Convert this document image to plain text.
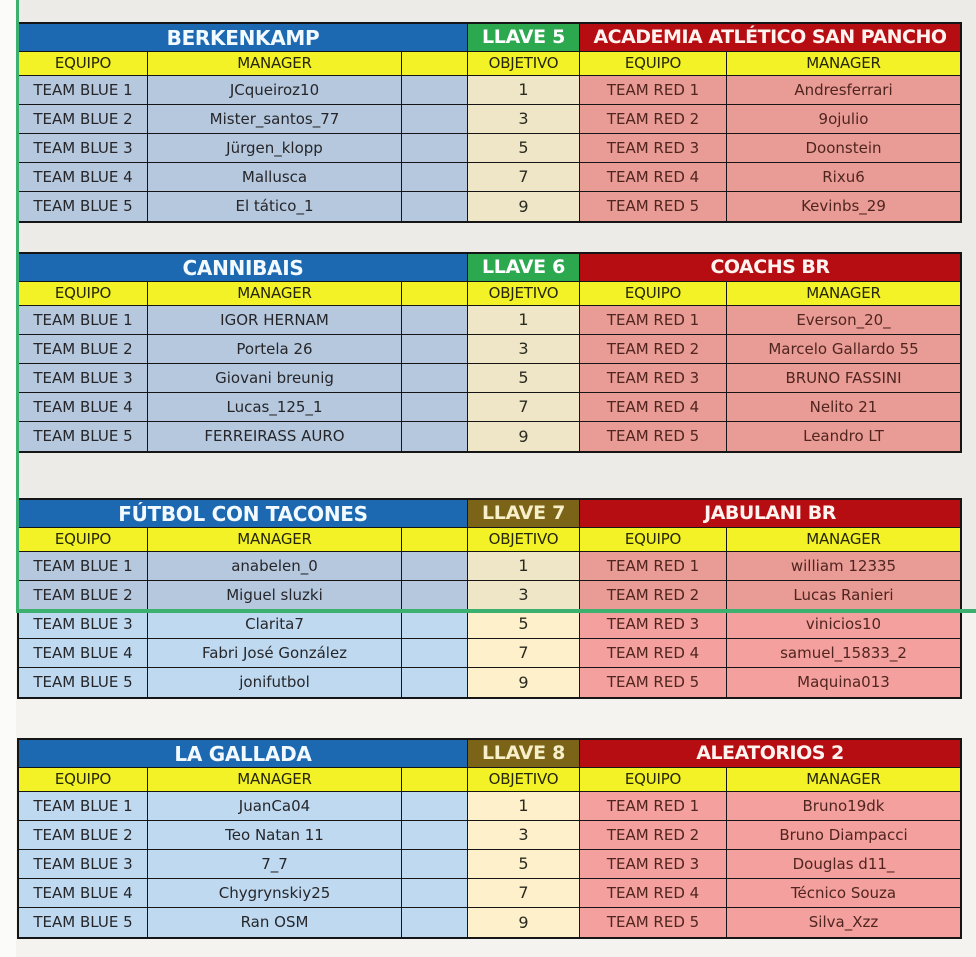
BERKENKAMP	LLAVE 5	ACADEMIA ATLÉTICO SAN PANCHO
EQUIPO	MANAGER	OBJETIVO	EQUIPO	MANAGER
TEAM BLUE 1	JCqueiroz10	1	TEAM RED 1	Andresferrari
TEAM BLUE 2	Mister_santos_77	3	TEAM RED 2	9ojulio
TEAM BLUE 3	Jürgen_klopp	5	TEAM RED 3	Doonstein
TEAM BLUE 4	Mallusca	7	TEAM RED 4	Rixu6
TEAM BLUE 5	El tático_1	9	TEAM RED 5	Kevinbs_29
CANNIBAIS	LLAVE 6	COACHS BR
EQUIPO	MANAGER	OBJETIVO	EQUIPO	MANAGER
TEAM BLUE 1	IGOR HERNAM	1	TEAM RED 1	Everson_20_
TEAM BLUE 2	Portela 26	3	TEAM RED 2	Marcelo Gallardo 55
TEAM BLUE 3	Giovani breunig	5	TEAM RED 3	BRUNO FASSINI
TEAM BLUE 4	Lucas_125_1	7	TEAM RED 4	Nelito 21
TEAM BLUE 5	FERREIRASS AURO	9	TEAM RED 5	Leandro LT
FÚTBOL CON TACONES	LLAVE 7	JABULANI BR
EQUIPO	MANAGER	OBJETIVO	EQUIPO	MANAGER
TEAM BLUE 1	anabelen_0	1	TEAM RED 1	william 12335
TEAM BLUE 2	Miguel sluzki	3	TEAM RED 2	Lucas Ranieri
TEAM BLUE 3	Clarita7	5	TEAM RED 3	vinicios10
TEAM BLUE 4	Fabri José González	7	TEAM RED 4	samuel_15833_2
TEAM BLUE 5	jonifutbol	9	TEAM RED 5	Maquina013
LA GALLADA	LLAVE 8	ALEATORIOS 2
EQUIPO	MANAGER	OBJETIVO	EQUIPO	MANAGER
TEAM BLUE 1	JuanCa04	1	TEAM RED 1	Bruno19dk
TEAM BLUE 2	Teo Natan 11	3	TEAM RED 2	Bruno Diampacci
TEAM BLUE 3	7_7	5	TEAM RED 3	Douglas d11_
TEAM BLUE 4	Chygrynskiy25	7	TEAM RED 4	Técnico Souza
TEAM BLUE 5	Ran OSM	9	TEAM RED 5	Silva_Xzz
